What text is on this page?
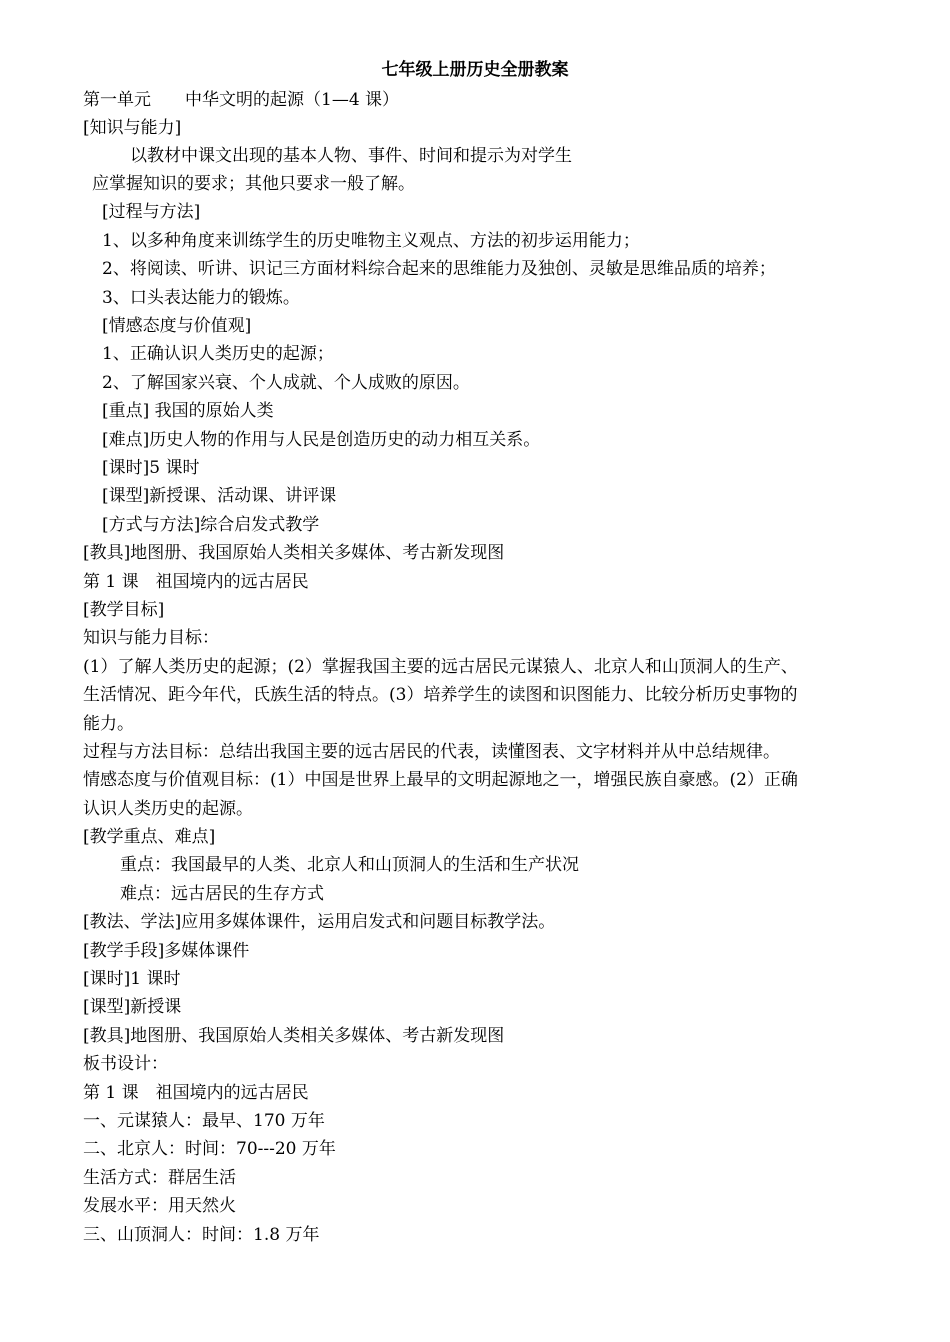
七年级上册历史全册教案

第一单元　　中华文明的起源（1—4 课）

[知识与能力]

以教材中课文出现的基本人物、事件、时间和提示为对学生

应掌握知识的要求；其他只要求一般了解。

[过程与方法]

1、以多种角度来训练学生的历史唯物主义观点、方法的初步运用能力；

2、将阅读、听讲、识记三方面材料综合起来的思维能力及独创、灵敏是思维品质的培养；

3、口头表达能力的锻炼。

[情感态度与价值观]

1、正确认识人类历史的起源；

2、了解国家兴衰、个人成就、个人成败的原因。

[重点] 我国的原始人类

[难点]历史人物的作用与人民是创造历史的动力相互关系。

[课时]5 课时

[课型]新授课、活动课、讲评课

[方式与方法]综合启发式教学

[教具]地图册、我国原始人类相关多媒体、考古新发现图

第 1 课　祖国境内的远古居民

[教学目标]

知识与能力目标：

(1）了解人类历史的起源；(2）掌握我国主要的远古居民元谋猿人、北京人和山顶洞人的生产、

生活情况、距今年代，氏族生活的特点。(3）培养学生的读图和识图能力、比较分析历史事物的

能力。

过程与方法目标：总结出我国主要的远古居民的代表，读懂图表、文字材料并从中总结规律。

情感态度与价值观目标：(1）中国是世界上最早的文明起源地之一，增强民族自豪感。(2）正确

认识人类历史的起源。

[教学重点、难点]

重点：我国最早的人类、北京人和山顶洞人的生活和生产状况

难点：远古居民的生存方式

[教法、学法]应用多媒体课件，运用启发式和问题目标教学法。

[教学手段]多媒体课件

[课时]1 课时

[课型]新授课

[教具]地图册、我国原始人类相关多媒体、考古新发现图

板书设计：

第 1 课　祖国境内的远古居民

一、元谋猿人：最早、170 万年

二、北京人：时间：70---20 万年

生活方式：群居生活

发展水平：用天然火

三、山顶洞人：时间：1.8 万年
